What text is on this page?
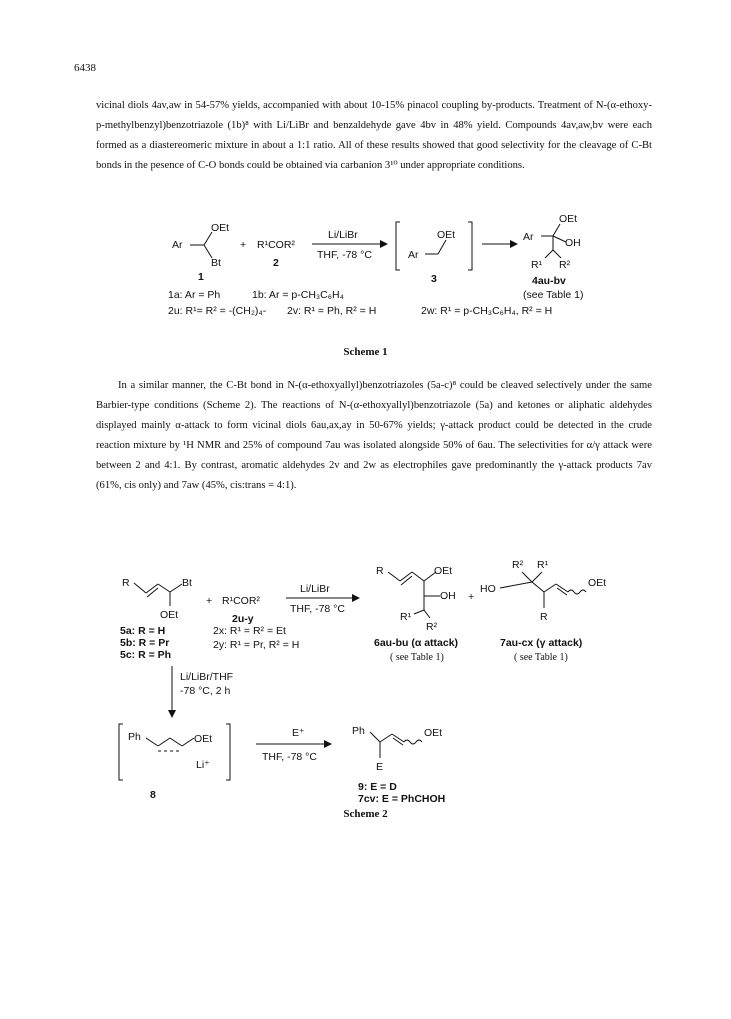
6438

vicinal diols 4av,aw in 54-57% yields, accompanied with about 10-15% pinacol coupling by-products. Treatment of N-(α-ethoxy-p-methylbenzyl)benzotriazole (1b)⁸ with Li/LiBr and benzaldehyde gave 4bv in 48% yield. Compounds 4av,aw,bv were each formed as a diastereomeric mixture in about a 1:1 ratio. All of these results showed that good selectivity for the cleavage of C-Bt bonds in the pesence of C-O bonds could be obtained via carbanion 3¹⁰ under appropriate conditions.

Ar
OEt
Bt
1
+ R¹COR²
2
Li/LiBr
THF, -78 °C	Ar
OEt
3
Ar
OEt
OH
R¹ R²
4au-bv
(see Table 1)
1a: Ar = Ph	1b: Ar = p-CH₃C₆H₄
2u: R¹= R² = -(CH₂)₄- 2v: R¹ = Ph, R² = H	2w: R¹ = p-CH₃C₆H₄, R² = H
Scheme 1

In a similar manner, the C-Bt bond in N-(α-ethoxyallyl)benzotriazoles (5a-c)⁸ could be cleaved selectively under the same Barbier-type conditions (Scheme 2). The reactions of N-(α-ethoxyallyl)benzotriazole (5a) and ketones or aliphatic aldehydes displayed mainly α-attack to form vicinal diols 6au,ax,ay in 50-67% yields; γ-attack product could be detected in the crude reaction mixture by ¹H NMR and 25% of compound 7au was isolated alongside 50% of 6au. The selectivities for α/γ attack were between 2 and 4:1. By contrast, aromatic aldehydes 2v and 2w as electrophiles gave predominantly the γ-attack products 7av (61%, cis only) and 7aw (45%, cis:trans = 4:1).

R	Bt
OEt
+ R¹COR²
2u-y
Li/LiBr
THF, -78 °C
R	OEt
OH
R¹
R²
+
R² R¹
HO
R
OEt
5a: R = H
5b: R = Pr
5c: R = Ph
2x: R¹ = R² = Et
2y: R¹ = Pr, R² = H	6au-bu (α attack)
( see Table 1)
7au-cx (γ attack)
( see Table 1)
Li/LiBr/THF
-78 °C, 2 h
Ph	OEt
Li⁺
8
E⁺
THF, -78 °C
Ph
E
OEt
9: E = D
7cv: E = PhCHOH
Scheme 2
